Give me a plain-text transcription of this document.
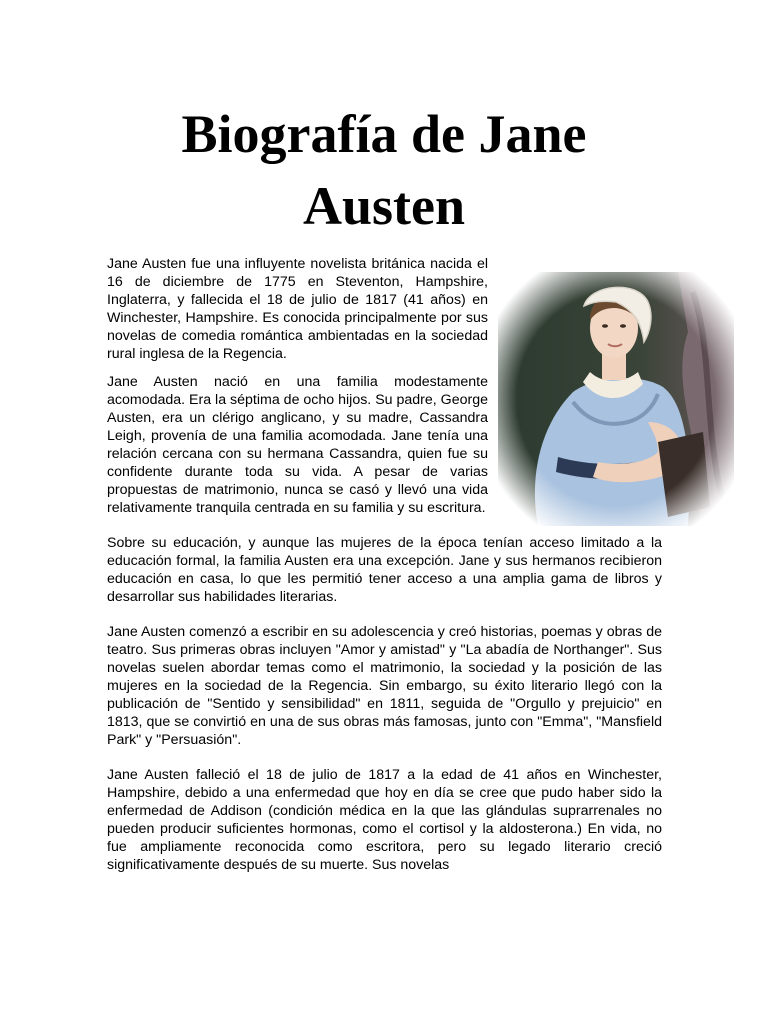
Biografía de Jane Austen

Jane Austen fue una influyente novelista británica nacida el 16 de diciembre de 1775 en Steventon, Hampshire, Inglaterra, y fallecida el 18 de julio de 1817 (41 años) en Winchester, Hampshire. Es conocida principalmente por sus novelas de comedia romántica ambientadas en la sociedad rural inglesa de la Regencia.

Jane Austen nació en una familia modestamente acomodada. Era la séptima de ocho hijos. Su padre, George Austen, era un clérigo anglicano, y su madre, Cassandra Leigh, provenía de una familia acomodada. Jane tenía una relación cercana con su hermana Cassandra, quien fue su confidente durante toda su vida. A pesar de varias propuestas de matrimonio, nunca se casó y llevó una vida relativamente tranquila centrada en su familia y su escritura.

Sobre su educación, y aunque las mujeres de la época tenían acceso limitado a la educación formal, la familia Austen era una excepción. Jane y sus hermanos recibieron educación en casa, lo que les permitió tener acceso a una amplia gama de libros y desarrollar sus habilidades literarias.

Jane Austen comenzó a escribir en su adolescencia y creó historias, poemas y obras de teatro. Sus primeras obras incluyen "Amor y amistad" y "La abadía de Northanger". Sus novelas suelen abordar temas como el matrimonio, la sociedad y la posición de las mujeres en la sociedad de la Regencia. Sin embargo, su éxito literario llegó con la publicación de "Sentido y sensibilidad" en 1811, seguida de "Orgullo y prejuicio" en 1813, que se convirtió en una de sus obras más famosas, junto con "Emma", "Mansfield Park" y "Persuasión".

Jane Austen falleció el 18 de julio de 1817 a la edad de 41 años en Winchester, Hampshire, debido a una enfermedad que hoy en día se cree que pudo haber sido la enfermedad de Addison (condición médica en la que las glándulas suprarrenales no pueden producir suficientes hormonas, como el cortisol y la aldosterona.) En vida, no fue ampliamente reconocida como escritora, pero su legado literario creció significativamente después de su muerte. Sus novelas
